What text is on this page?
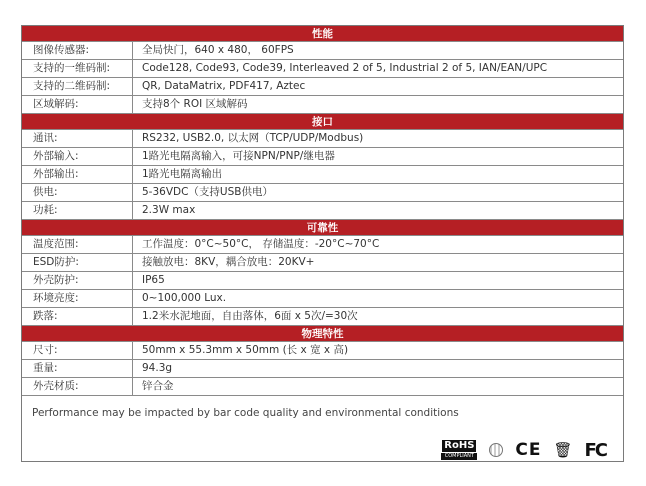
性能
图像传感器:	全局快门，640 x 480， 60FPS
支持的一维码制:	Code128, Code93, Code39, Interleaved 2 of 5, Industrial 2 of 5, IAN/EAN/UPC
支持的二维码制:	QR, DataMatrix, PDF417, Aztec
区域解码:	支持8个 ROI 区域解码
接口
通讯:	RS232, USB2.0, 以太网（TCP/UDP/Modbus)
外部输入:	1路光电隔离输入，可接NPN/PNP/继电器
外部输出:	1路光电隔离输出
供电:	5-36VDC（支持USB供电）
功耗:	2.3W max
可靠性
温度范围:	工作温度：0°C~50°C， 存储温度：-20°C~70°C
ESD防护:	接触放电：8KV，耦合放电：20KV+
外壳防护:	IP65
环境亮度:	0~100,000 Lux.
跌落:	1.2米水泥地面，自由落体，6面 x 5次/=30次
物理特性
尺寸:	50mm x 55.3mm x 50mm (长 x 宽 x 高)
重量:	94.3g
外壳材质:	锌合金
Performance may be impacted by bar code quality and environmental conditions
RoHS
COMPLIANT CE 🗑 FC
